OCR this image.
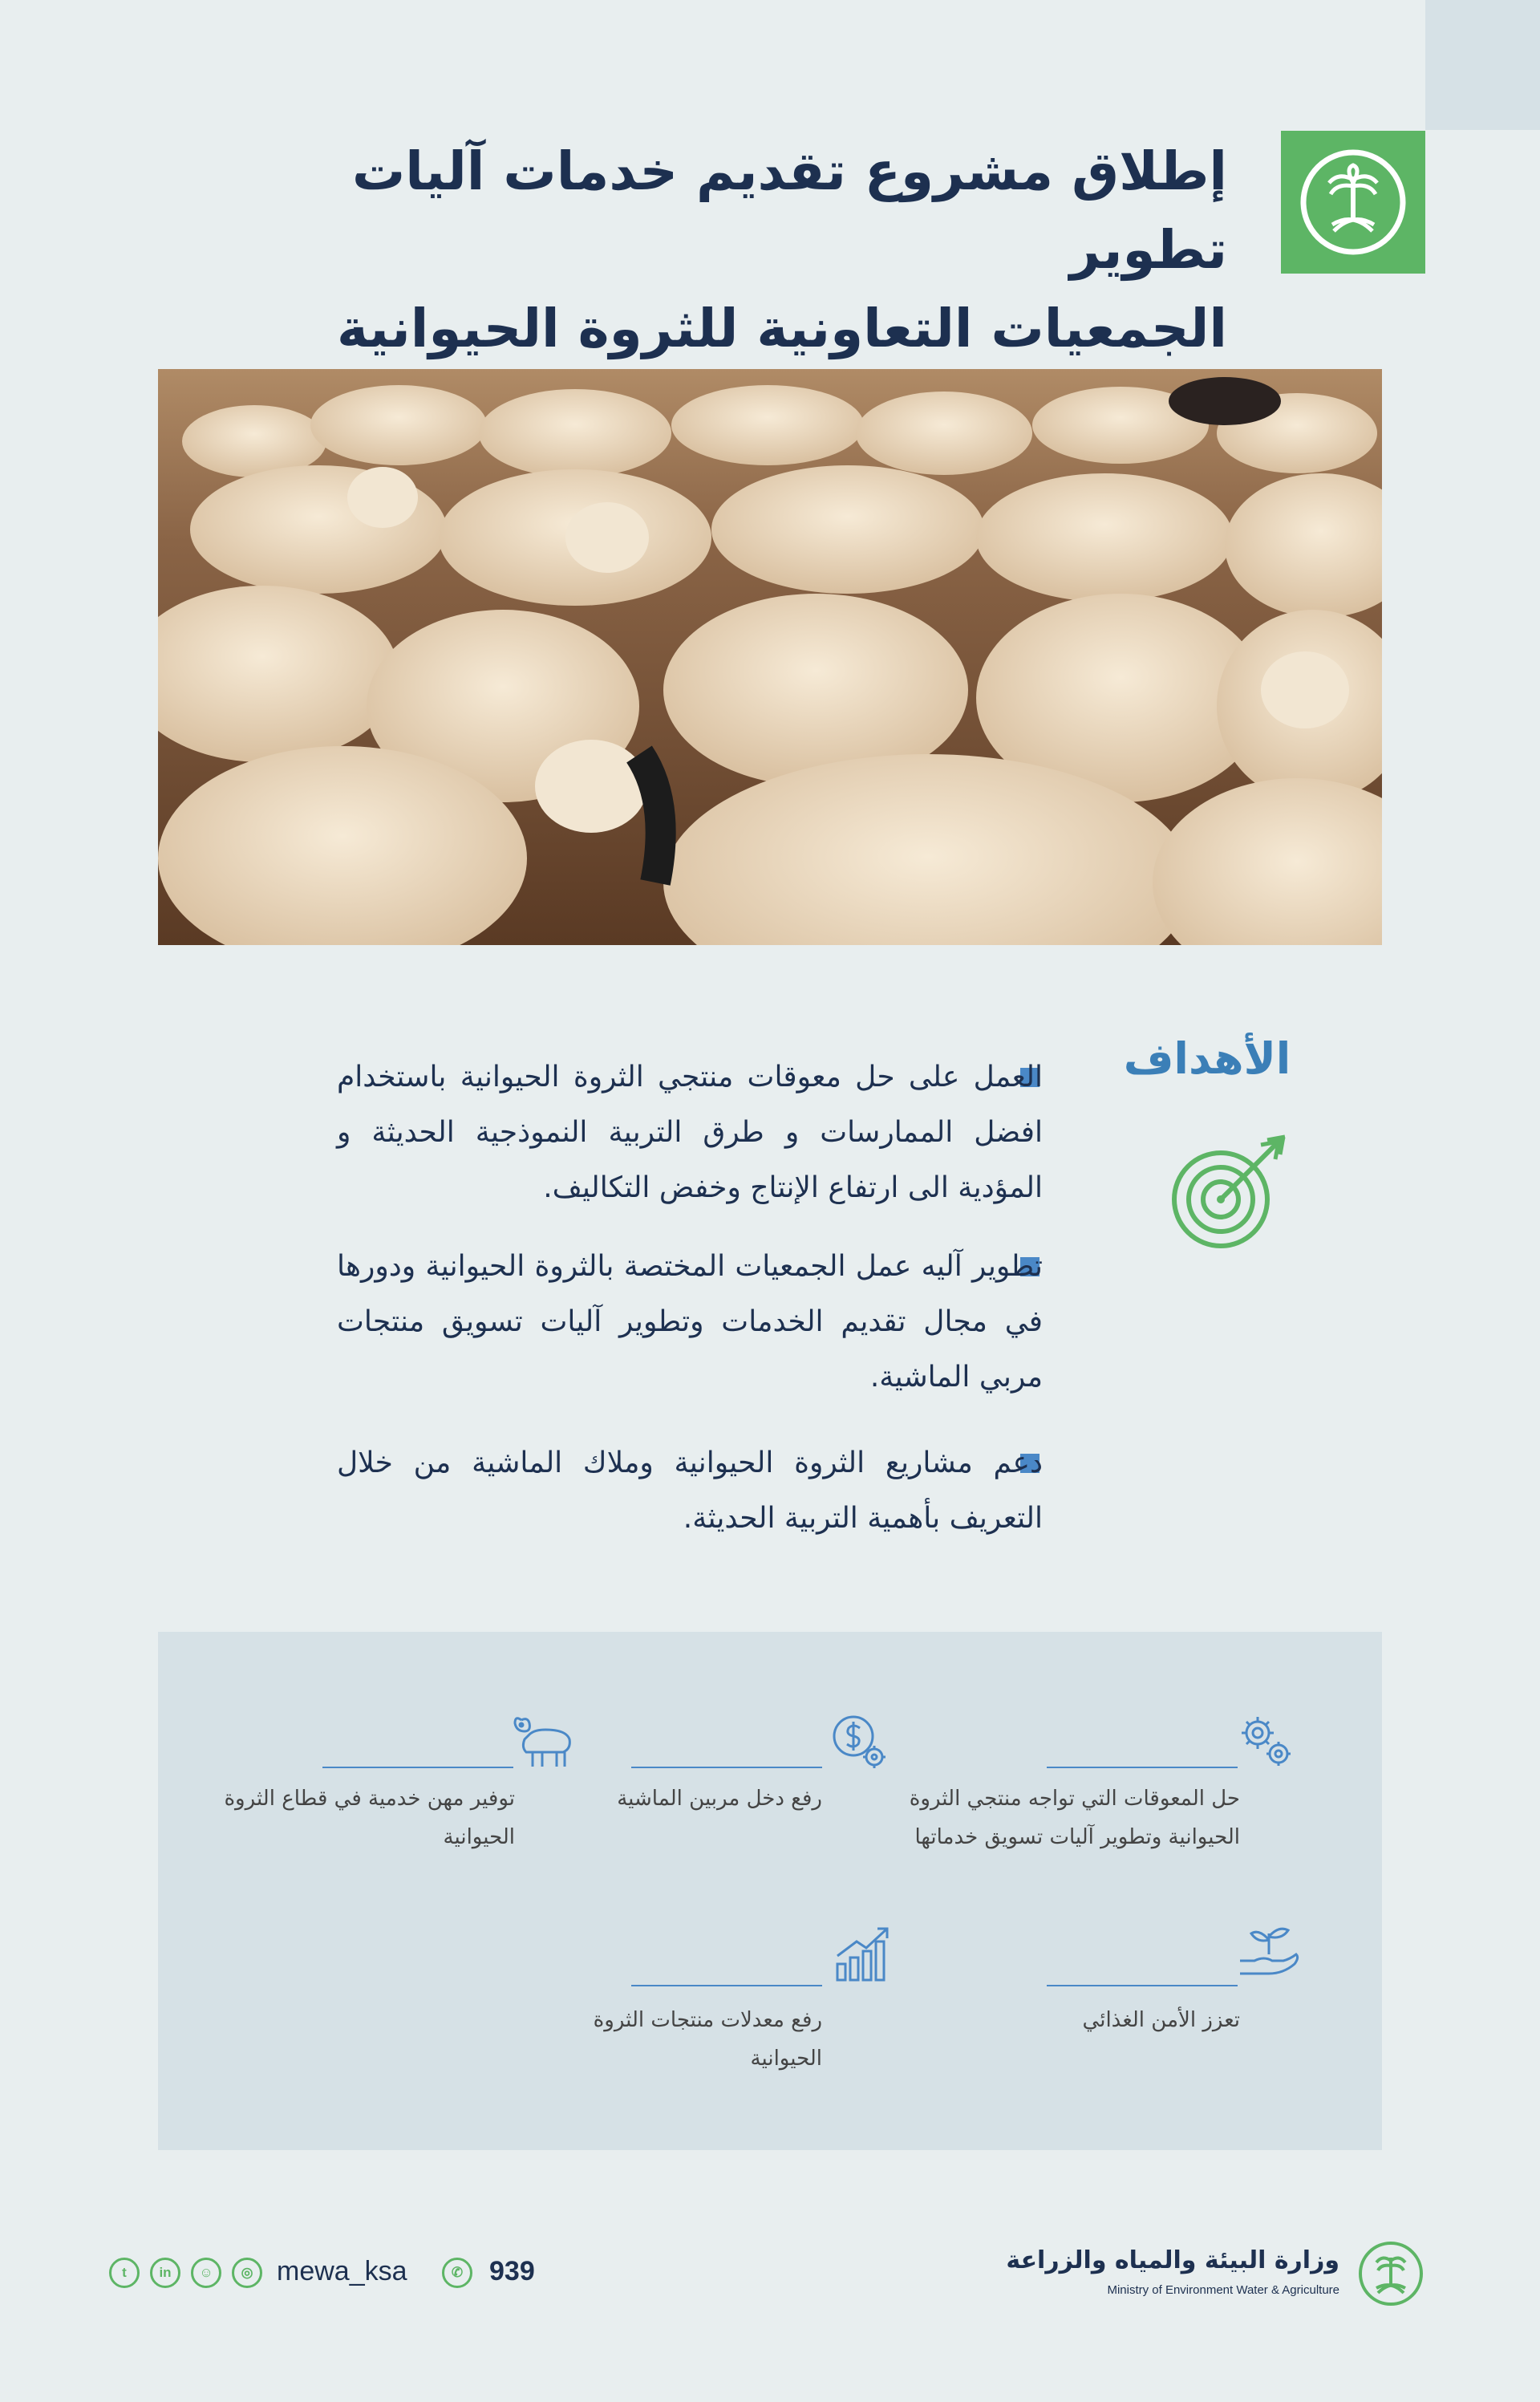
إطلاق مشروع تقديم خدمات آليات تطوير
الجمعيات التعاونية للثروة الحيوانية
الأهداف
العمل على حل معوقات منتجي الثروة الحيوانية باستخدام افضل الممارسات و طرق التربية النموذجية الحديثة و المؤدية الى ارتفاع الإنتاج وخفض التكاليف.
تطوير آليه عمل الجمعيات المختصة بالثروة الحيوانية ودورها في مجال تقديم الخدمات وتطوير آليات تسويق منتجات مربي الماشية.
دعم مشاريع الثروة الحيوانية وملاك الماشية من خلال التعريف بأهمية التربية الحديثة.
حل المعوقات التي تواجه منتجي الثروة الحيوانية وتطوير آليات تسويق خدماتها
رفع دخل مربين الماشية
توفير مهن خدمية في قطاع الثروة الحيوانية
تعزز الأمن الغذائي
رفع معدلات منتجات الثروة الحيوانية
وزارة البيئة والمياه والزراعة
Ministry of Environment Water & Agriculture
t	in	☺	◎ mewa_ksa	✆ 939
